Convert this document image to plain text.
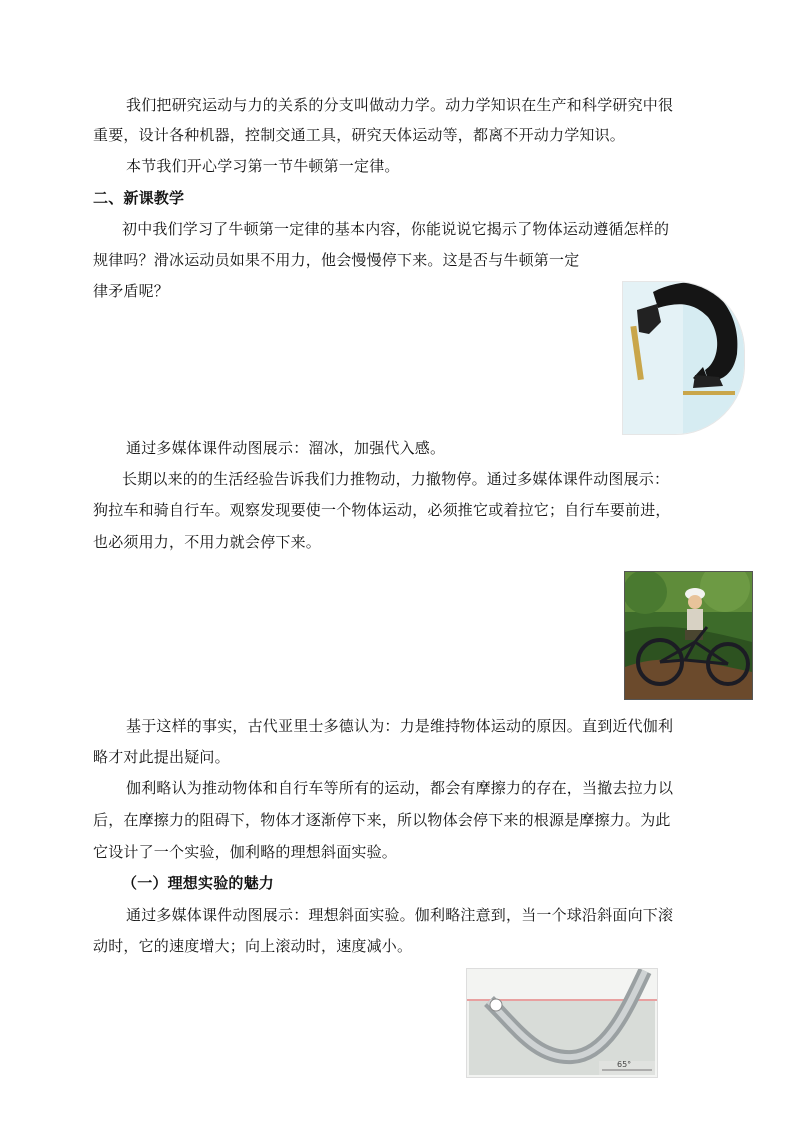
我们把研究运动与力的关系的分支叫做动力学。动力学知识在生产和科学研究中很
重要，设计各种机器，控制交通工具，研究天体运动等，都离不开动力学知识。
本节我们开心学习第一节牛顿第一定律。
二、新课教学
初中我们学习了牛顿第一定律的基本内容，你能说说它揭示了物体运动遵循怎样的
规律吗？滑冰运动员如果不用力，他会慢慢停下来。这是否与牛顿第一定
律矛盾呢？
通过多媒体课件动图展示：溜冰，加强代入感。
长期以来的的生活经验告诉我们力推物动，力撤物停。通过多媒体课件动图展示：
狗拉车和骑自行车。观察发现要使一个物体运动，必须推它或着拉它；自行车要前进，
也必须用力，不用力就会停下来。
基于这样的事实，古代亚里士多德认为：力是维持物体运动的原因。直到近代伽利
略才对此提出疑问。
伽利略认为推动物体和自行车等所有的运动，都会有摩擦力的存在，当撤去拉力以
后，在摩擦力的阻碍下，物体才逐渐停下来，所以物体会停下来的根源是摩擦力。为此
它设计了一个实验，伽利略的理想斜面实验。
（一）理想实验的魅力
通过多媒体课件动图展示：理想斜面实验。伽利略注意到，当一个球沿斜面向下滚
动时，它的速度增大；向上滚动时，速度减小。
65°
